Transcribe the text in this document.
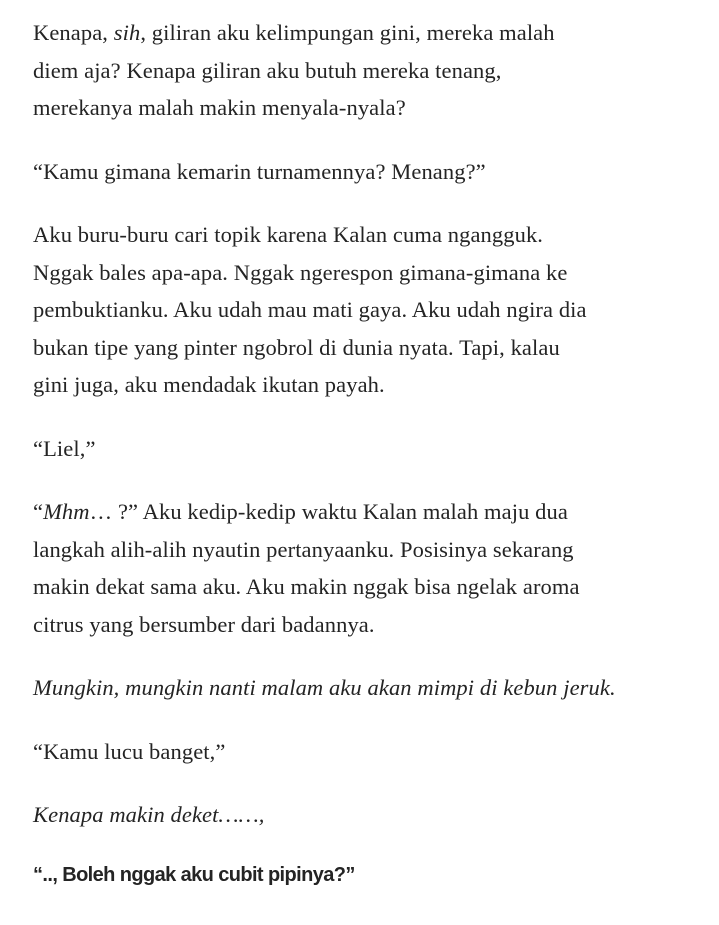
Kenapa, sih, giliran aku kelimpungan gini, mereka malah
diem aja? Kenapa giliran aku butuh mereka tenang,
merekanya malah makin menyala-nyala?

“Kamu gimana kemarin turnamennya? Menang?”

Aku buru-buru cari topik karena Kalan cuma ngangguk.
Nggak bales apa-apa. Nggak ngerespon gimana-gimana ke
pembuktianku. Aku udah mau mati gaya. Aku udah ngira dia
bukan tipe yang pinter ngobrol di dunia nyata. Tapi, kalau
gini juga, aku mendadak ikutan payah.

“Liel,”

“Mhm… ?” Aku kedip-kedip waktu Kalan malah maju dua
langkah alih-alih nyautin pertanyaanku. Posisinya sekarang
makin dekat sama aku. Aku makin nggak bisa ngelak aroma
citrus yang bersumber dari badannya.

Mungkin, mungkin nanti malam aku akan mimpi di kebun jeruk.

“Kamu lucu banget,”

Kenapa makin deket……,

“.., Boleh nggak aku cubit pipinya?”
